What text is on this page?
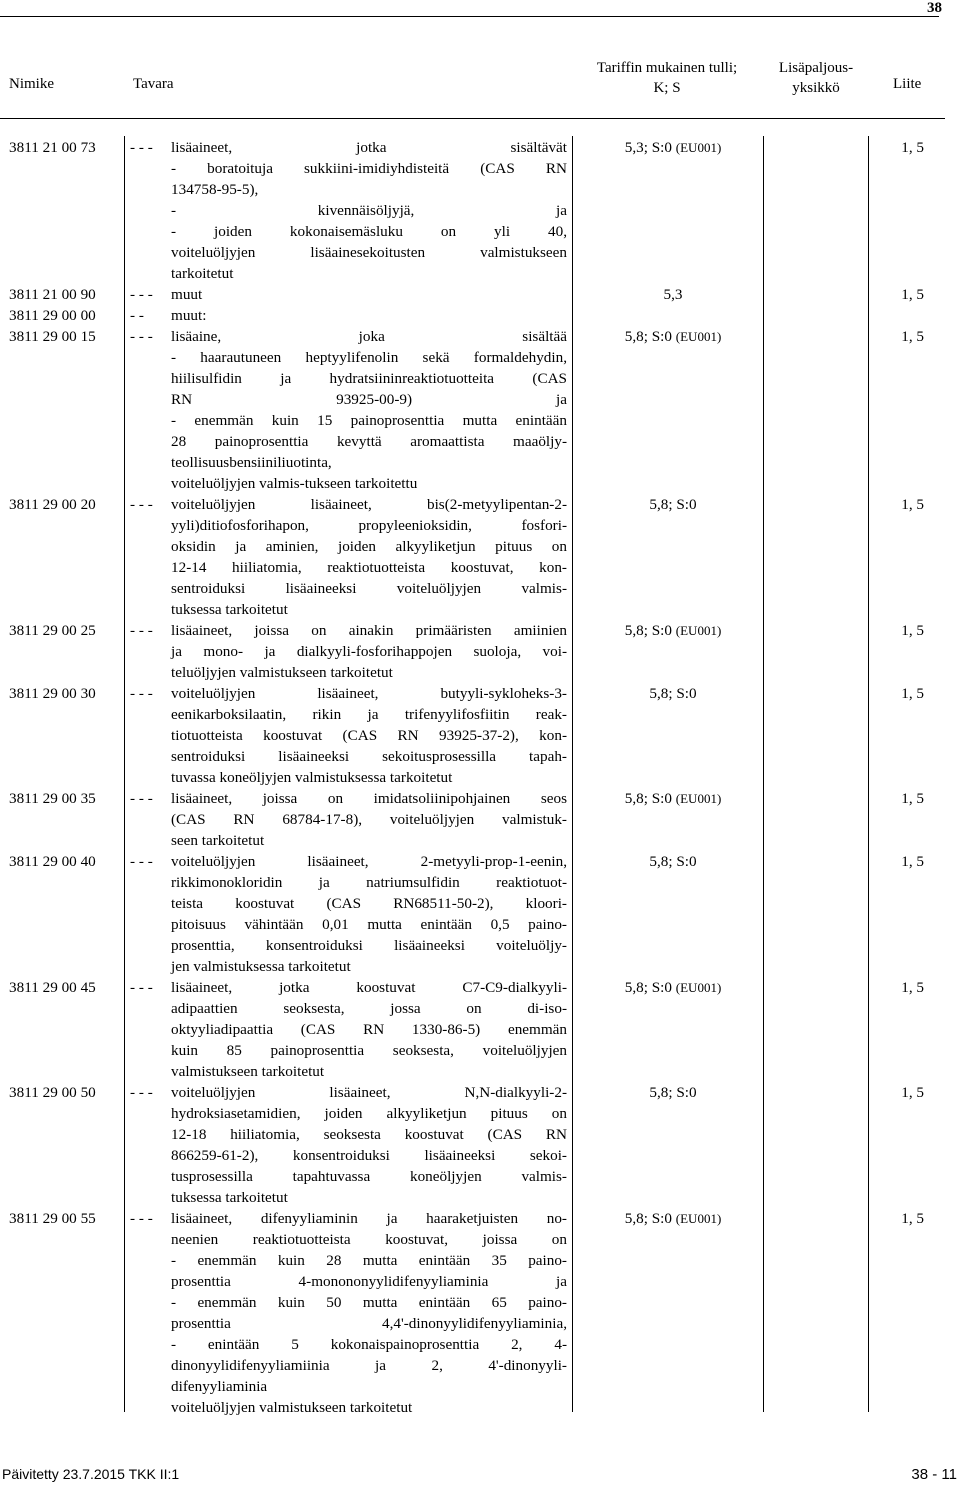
38
Nimike	Tavara
Tariffin mukainen tulli;
K; S
Lisäpaljous-
yksikkö	Liite
3811 21 00 73 - - - lisäaineet, jotka sisältävät
- boratoituja sukkiini-imidiyhdisteitä (CAS RN
134758-95-5),
- kivennäisöljyjä, ja
- joiden kokonaisemäsluku on yli 40,
voiteluöljyjen lisäainesekoitusten valmistukseen
tarkoitetut
5,3; S:0 (EU001)	1, 5
3811 21 00 90 - - - muut	5,3	1, 5
3811 29 00 00 - - muut:
3811 29 00 15 - - - lisäaine, joka sisältää
- haarautuneen heptyylifenolin sekä formaldehydin,
hiilisulfidin ja hydratsiininreaktiotuotteita (CAS
RN 93925-00-9) ja
- enemmän kuin 15 painoprosenttia mutta enintään
28 painoprosenttia kevyttä aromaattista maaöljy-
teollisuusbensiiniliuotinta,
voiteluöljyjen valmis-tukseen tarkoitettu
5,8; S:0 (EU001)	1, 5
3811 29 00 20 - - - voiteluöljyjen lisäaineet, bis(2-metyylipentan-2-
yyli)ditiofosforihapon, propyleenioksidin, fosfori-
oksidin ja aminien, joiden alkyyliketjun pituus on
12-14 hiiliatomia, reaktiotuotteista koostuvat, kon-
sentroiduksi lisäaineeksi voiteluöljyjen valmis-
tuksessa tarkoitetut
5,8; S:0	1, 5
3811 29 00 25 - - - lisäaineet, joissa on ainakin primääristen amiinien
ja mono- ja dialkyyli-fosforihappojen suoloja, voi-
teluöljyjen valmistukseen tarkoitetut
5,8; S:0 (EU001)	1, 5
3811 29 00 30 - - - voiteluöljyjen lisäaineet, butyyli-sykloheks-3-
eenikarboksilaatin, rikin ja trifenyylifosfiitin reak-
tiotuotteista koostuvat (CAS RN 93925-37-2), kon-
sentroiduksi lisäaineeksi sekoitusprosessilla tapah-
tuvassa koneöljyjen valmistuksessa tarkoitetut
5,8; S:0	1, 5
3811 29 00 35 - - - lisäaineet, joissa on imidatsoliinipohjainen seos
(CAS RN 68784-17-8), voiteluöljyjen valmistuk-
seen tarkoitetut
5,8; S:0 (EU001)	1, 5
3811 29 00 40 - - - voiteluöljyjen lisäaineet, 2-metyyli-prop-1-eenin,
rikkimonokloridin ja natriumsulfidin reaktiotuot-
teista koostuvat (CAS RN68511-50-2), kloori-
pitoisuus vähintään 0,01 mutta enintään 0,5 paino-
prosenttia, konsentroiduksi lisäaineeksi voiteluöljy-
jen valmistuksessa tarkoitetut
5,8; S:0	1, 5
3811 29 00 45 - - - lisäaineet, jotka koostuvat C7-C9-dialkyyli-
adipaattien seoksesta, jossa on di-iso-
oktyyliadipaattia (CAS RN 1330-86-5) enemmän
kuin 85 painoprosenttia seoksesta, voiteluöljyjen
valmistukseen tarkoitetut
5,8; S:0 (EU001)	1, 5
3811 29 00 50 - - - voiteluöljyjen lisäaineet, N,N-dialkyyli-2-
hydroksiasetamidien, joiden alkyyliketjun pituus on
12-18 hiiliatomia, seoksesta koostuvat (CAS RN
866259-61-2), konsentroiduksi lisäaineeksi sekoi-
tusprosessilla tapahtuvassa koneöljyjen valmis-
tuksessa tarkoitetut
5,8; S:0	1, 5
3811 29 00 55 - - - lisäaineet, difenyyliaminin ja haaraketjuisten no-
neenien reaktiotuotteista koostuvat, joissa on
- enemmän kuin 28 mutta enintään 35 paino-
prosenttia 4-monononyylidifenyyliaminia ja
- enemmän kuin 50 mutta enintään 65 paino-
prosenttia 4,4'-dinonyylidifenyyliaminia,
- enintään 5 kokonaispainoprosenttia 2, 4-
dinonyylidifenyyliamiinia ja 2, 4'-dinonyyli-
difenyyliaminia
voiteluöljyjen valmistukseen tarkoitetut
5,8; S:0 (EU001)	1, 5
Päivitetty 23.7.2015 TKK II:1	38 - 11
